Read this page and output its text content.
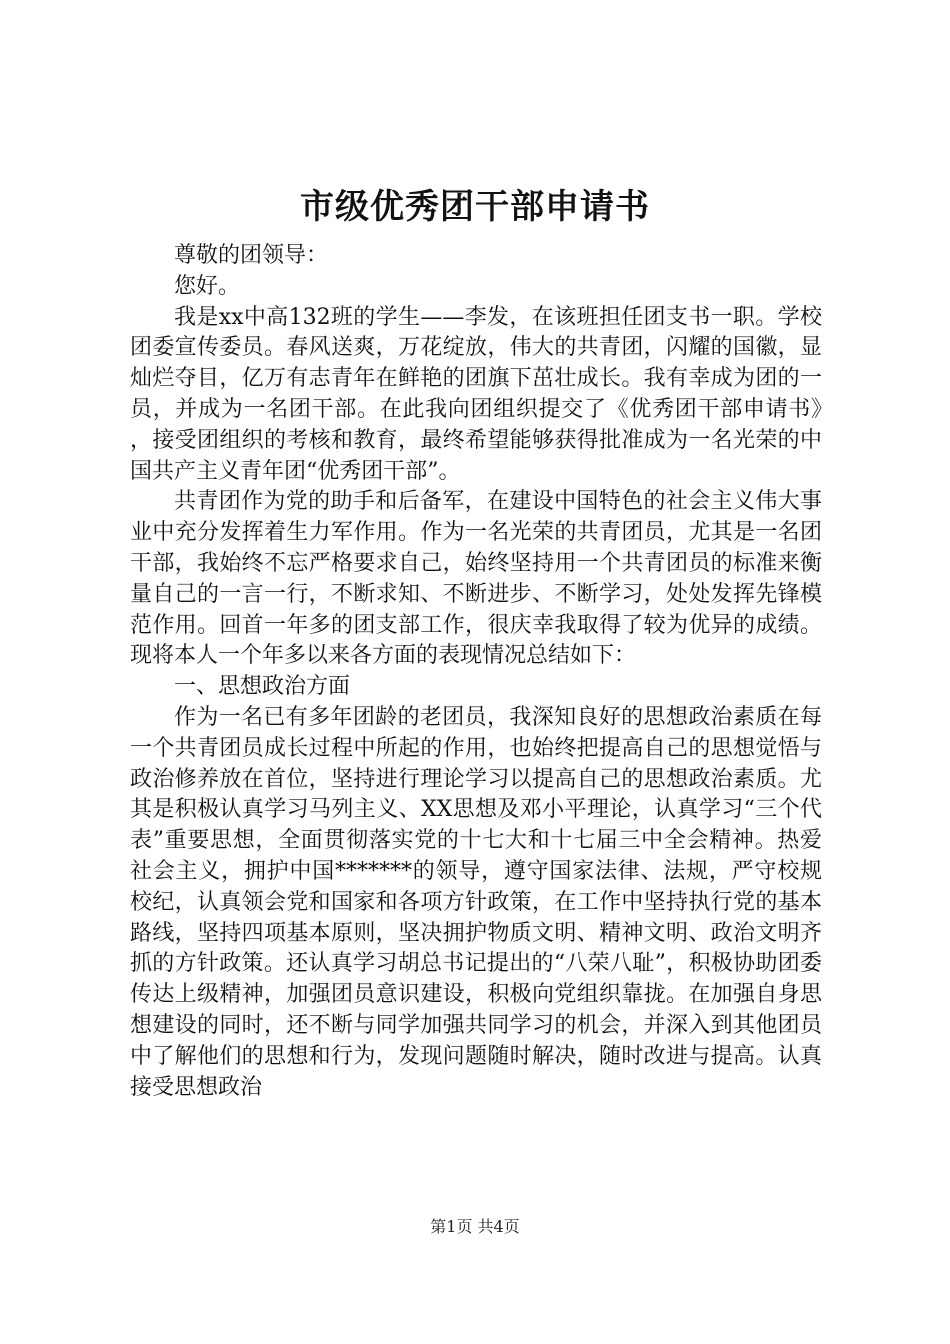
市级优秀团干部申请书

尊敬的团领导：

您好。

我是xx中高132班的学生——李发，在该班担任团支书一职。学校团委宣传委员。春风送爽，万花绽放，伟大的共青团，闪耀的国徽，显灿烂夺目，亿万有志青年在鲜艳的团旗下茁壮成长。我有幸成为团的一员，并成为一名团干部。在此我向团组织提交了《优秀团干部申请书》，接受团组织的考核和教育，最终希望能够获得批准成为一名光荣的中国共产主义青年团“优秀团干部”。

共青团作为党的助手和后备军，在建设中国特色的社会主义伟大事业中充分发挥着生力军作用。作为一名光荣的共青团员，尤其是一名团干部，我始终不忘严格要求自己，始终坚持用一个共青团员的标准来衡量自己的一言一行，不断求知、不断进步、不断学习，处处发挥先锋模范作用。回首一年多的团支部工作，很庆幸我取得了较为优异的成绩。现将本人一个年多以来各方面的表现情况总结如下：

一、思想政治方面

作为一名已有多年团龄的老团员，我深知良好的思想政治素质在每一个共青团员成长过程中所起的作用，也始终把提高自己的思想觉悟与政治修养放在首位，坚持进行理论学习以提高自己的思想政治素质。尤其是积极认真学习马列主义、XX思想及邓小平理论，认真学习“三个代表”重要思想，全面贯彻落实党的十七大和十七届三中全会精神。热爱社会主义，拥护中国*******的领导，遵守国家法律、法规，严守校规校纪，认真领会党和国家和各项方针政策，在工作中坚持执行党的基本路线，坚持四项基本原则，坚决拥护物质文明、精神文明、政治文明齐抓的方针政策。还认真学习胡总书记提出的“八荣八耻”，积极协助团委传达上级精神，加强团员意识建设，积极向党组织靠拢。在加强自身思想建设的同时，还不断与同学加强共同学习的机会，并深入到其他团员中了解他们的思想和行为，发现问题随时解决，随时改进与提高。认真接受思想政治

第1页 共4页
